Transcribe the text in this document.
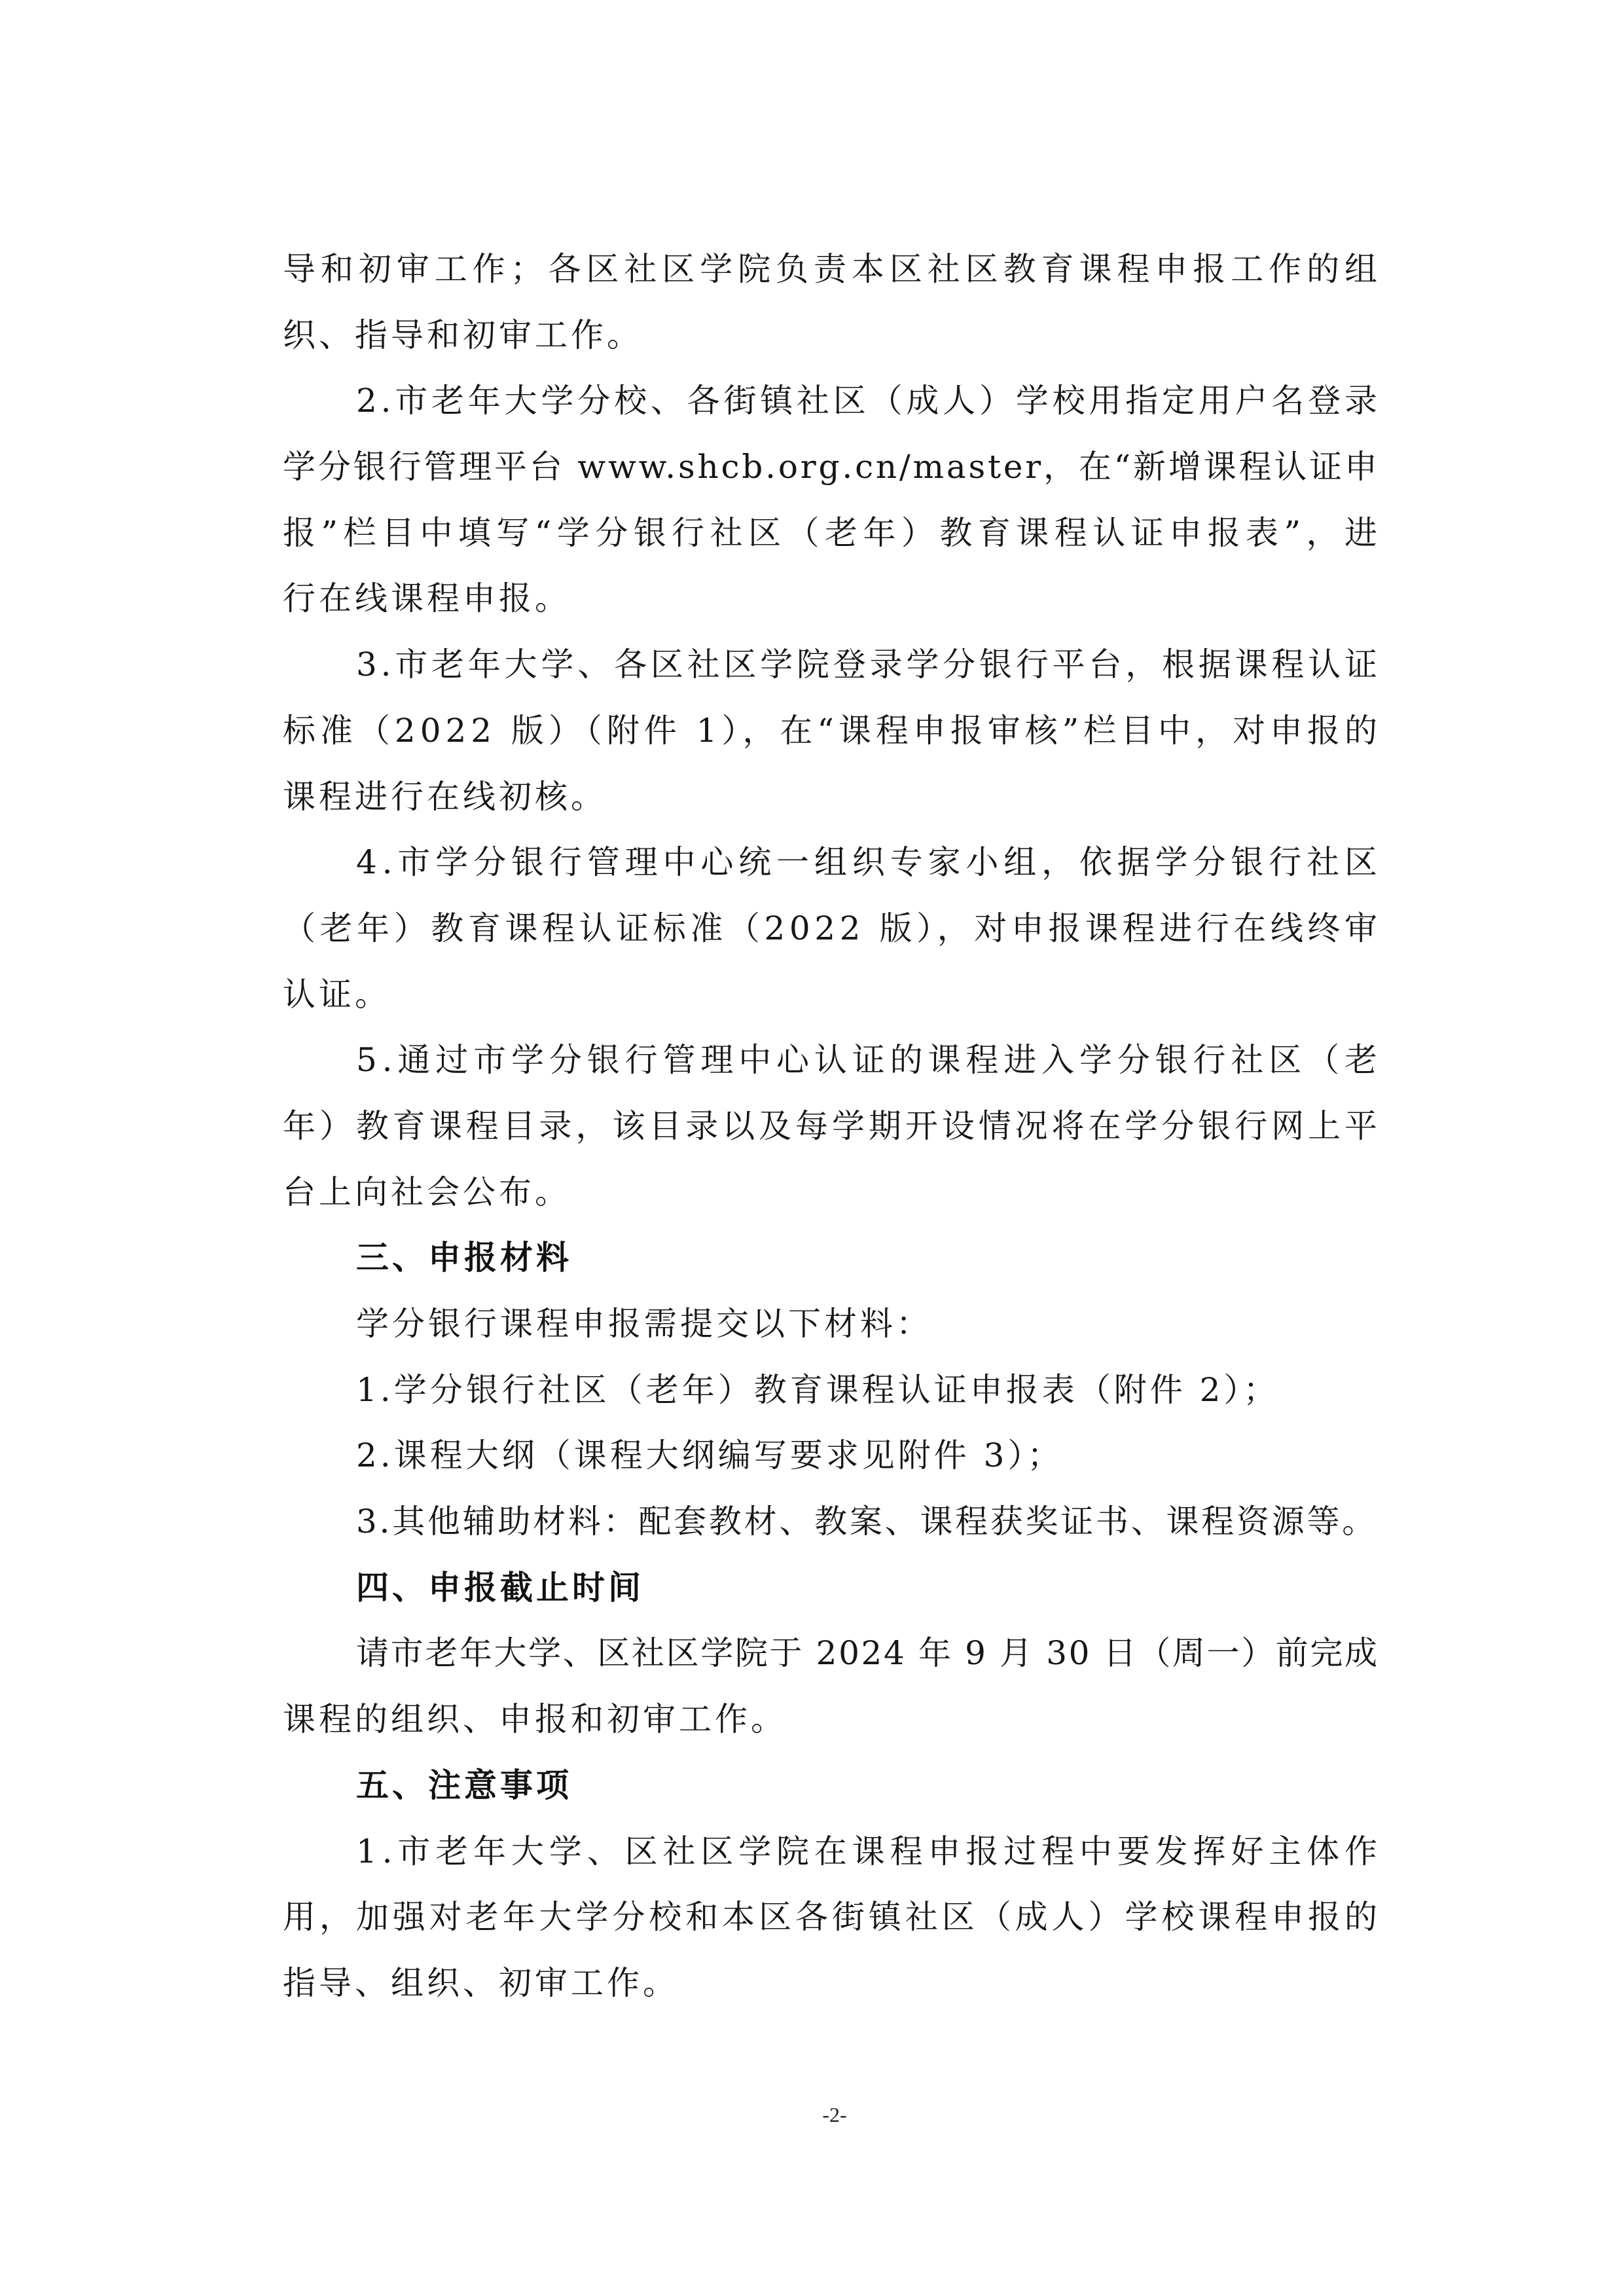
导和初审工作；各区社区学院负责本区社区教育课程申报工作的组
织、指导和初审工作。
2.市老年大学分校、各街镇社区（成人）学校用指定用户名登录
学分银行管理平台 www.shcb.org.cn/master，在“新增课程认证申
报”栏目中填写“学分银行社区（老年）教育课程认证申报表”，进
行在线课程申报。
3.市老年大学、各区社区学院登录学分银行平台，根据课程认证
标准（2022 版）（附件 1），在“课程申报审核”栏目中，对申报的
课程进行在线初核。
4.市学分银行管理中心统一组织专家小组，依据学分银行社区
（老年）教育课程认证标准（2022 版），对申报课程进行在线终审
认证。
5.通过市学分银行管理中心认证的课程进入学分银行社区（老
年）教育课程目录，该目录以及每学期开设情况将在学分银行网上平
台上向社会公布。
三、申报材料
学分银行课程申报需提交以下材料：
1.学分银行社区（老年）教育课程认证申报表（附件 2）；
2.课程大纲（课程大纲编写要求见附件 3）；
3.其他辅助材料：配套教材、教案、课程获奖证书、课程资源等。
四、申报截止时间
请市老年大学、区社区学院于 2024 年 9 月 30 日（周一）前完成
课程的组织、申报和初审工作。
五、注意事项
1.市老年大学、区社区学院在课程申报过程中要发挥好主体作
用，加强对老年大学分校和本区各街镇社区（成人）学校课程申报的
指导、组织、初审工作。
-2-
